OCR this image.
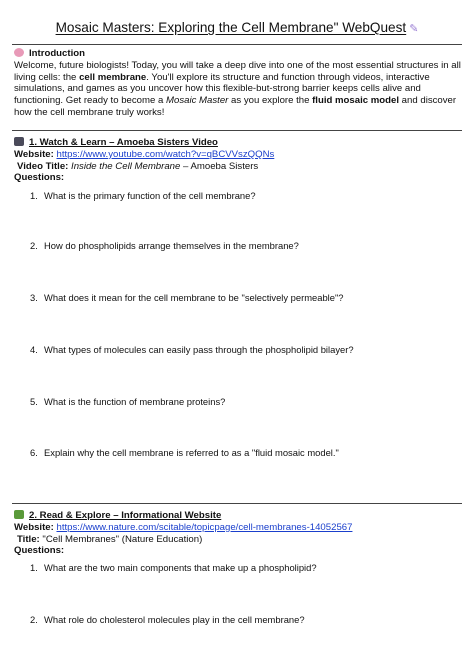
Mosaic Masters: Exploring the Cell Membrane" WebQuest ✎
Introduction

Welcome, future biologists! Today, you will take a deep dive into one of the most essential structures in all living cells: the cell membrane. You'll explore its structure and function through videos, interactive simulations, and games as you uncover how this flexible-but-strong barrier keeps cells alive and functioning. Get ready to become a Mosaic Master as you explore the fluid mosaic model and discover how the cell membrane truly works!

1. Watch & Learn – Amoeba Sisters Video
Website: https://www.youtube.com/watch?v=qBCVVszQQNs
Video Title: Inside the Cell Membrane – Amoeba Sisters
Questions:
1. What is the primary function of the cell membrane?
2. How do phospholipids arrange themselves in the membrane?
3. What does it mean for the cell membrane to be "selectively permeable"?
4. What types of molecules can easily pass through the phospholipid bilayer?
5. What is the function of membrane proteins?
6. Explain why the cell membrane is referred to as a "fluid mosaic model."
2. Read & Explore – Informational Website
Website: https://www.nature.com/scitable/topicpage/cell-membranes-14052567
Title: "Cell Membranes" (Nature Education)
Questions:
1. What are the two main components that make up a phospholipid?
2. What role do cholesterol molecules play in the cell membrane?
